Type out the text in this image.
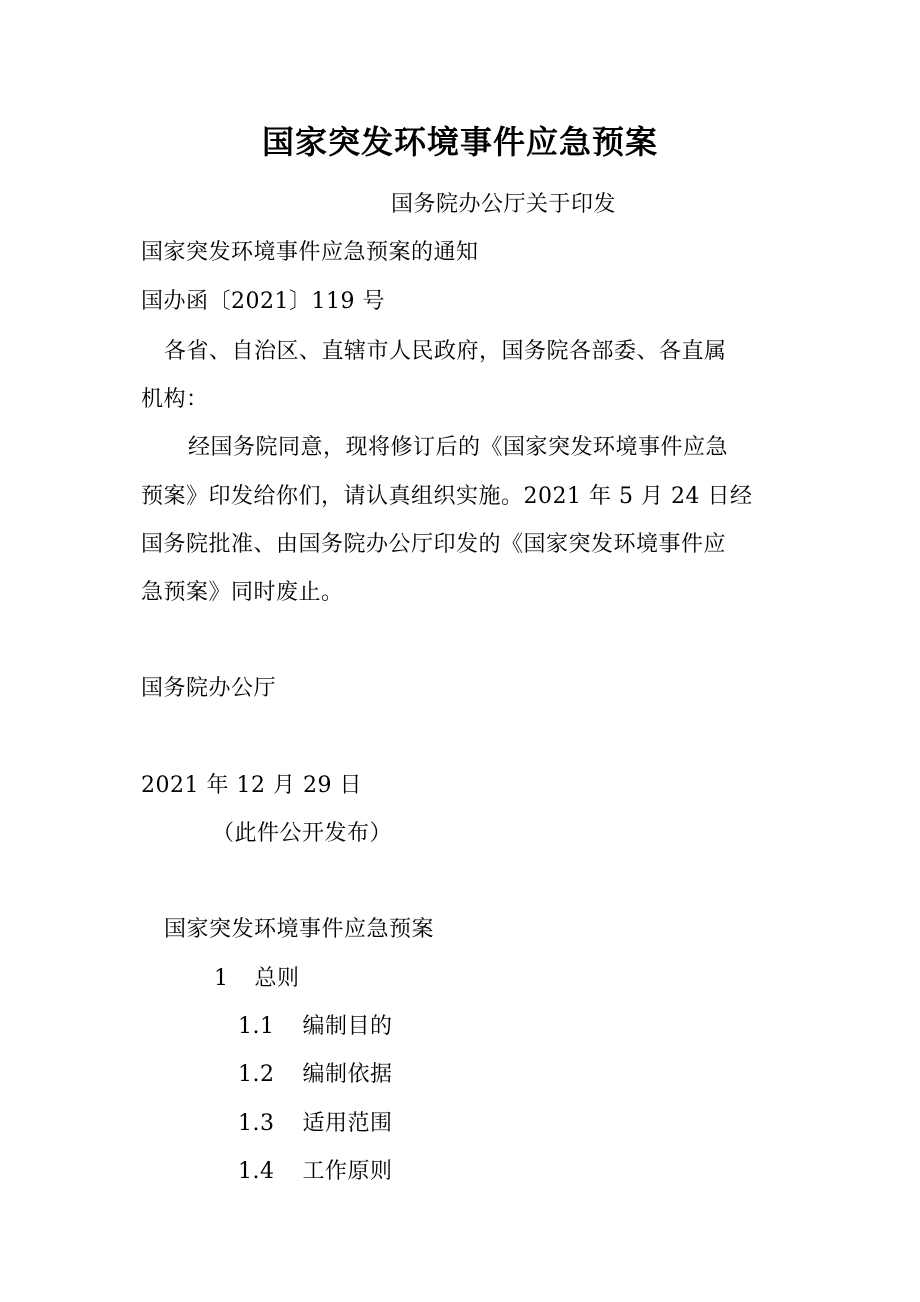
国家突发环境事件应急预案
国务院办公厅关于印发
国家突发环境事件应急预案的通知
国办函〔2021〕119 号
各省、自治区、直辖市人民政府，国务院各部委、各直属
机构：
经国务院同意，现将修订后的《国家突发环境事件应急
预案》印发给你们，请认真组织实施。2021 年 5 月 24 日经
国务院批准、由国务院办公厅印发的《国家突发环境事件应
急预案》同时废止。
国务院办公厅
2021 年 12 月 29 日
（此件公开发布）
国家突发环境事件应急预案
1 总则
1.1 编制目的
1.2 编制依据
1.3 适用范围
1.4 工作原则
